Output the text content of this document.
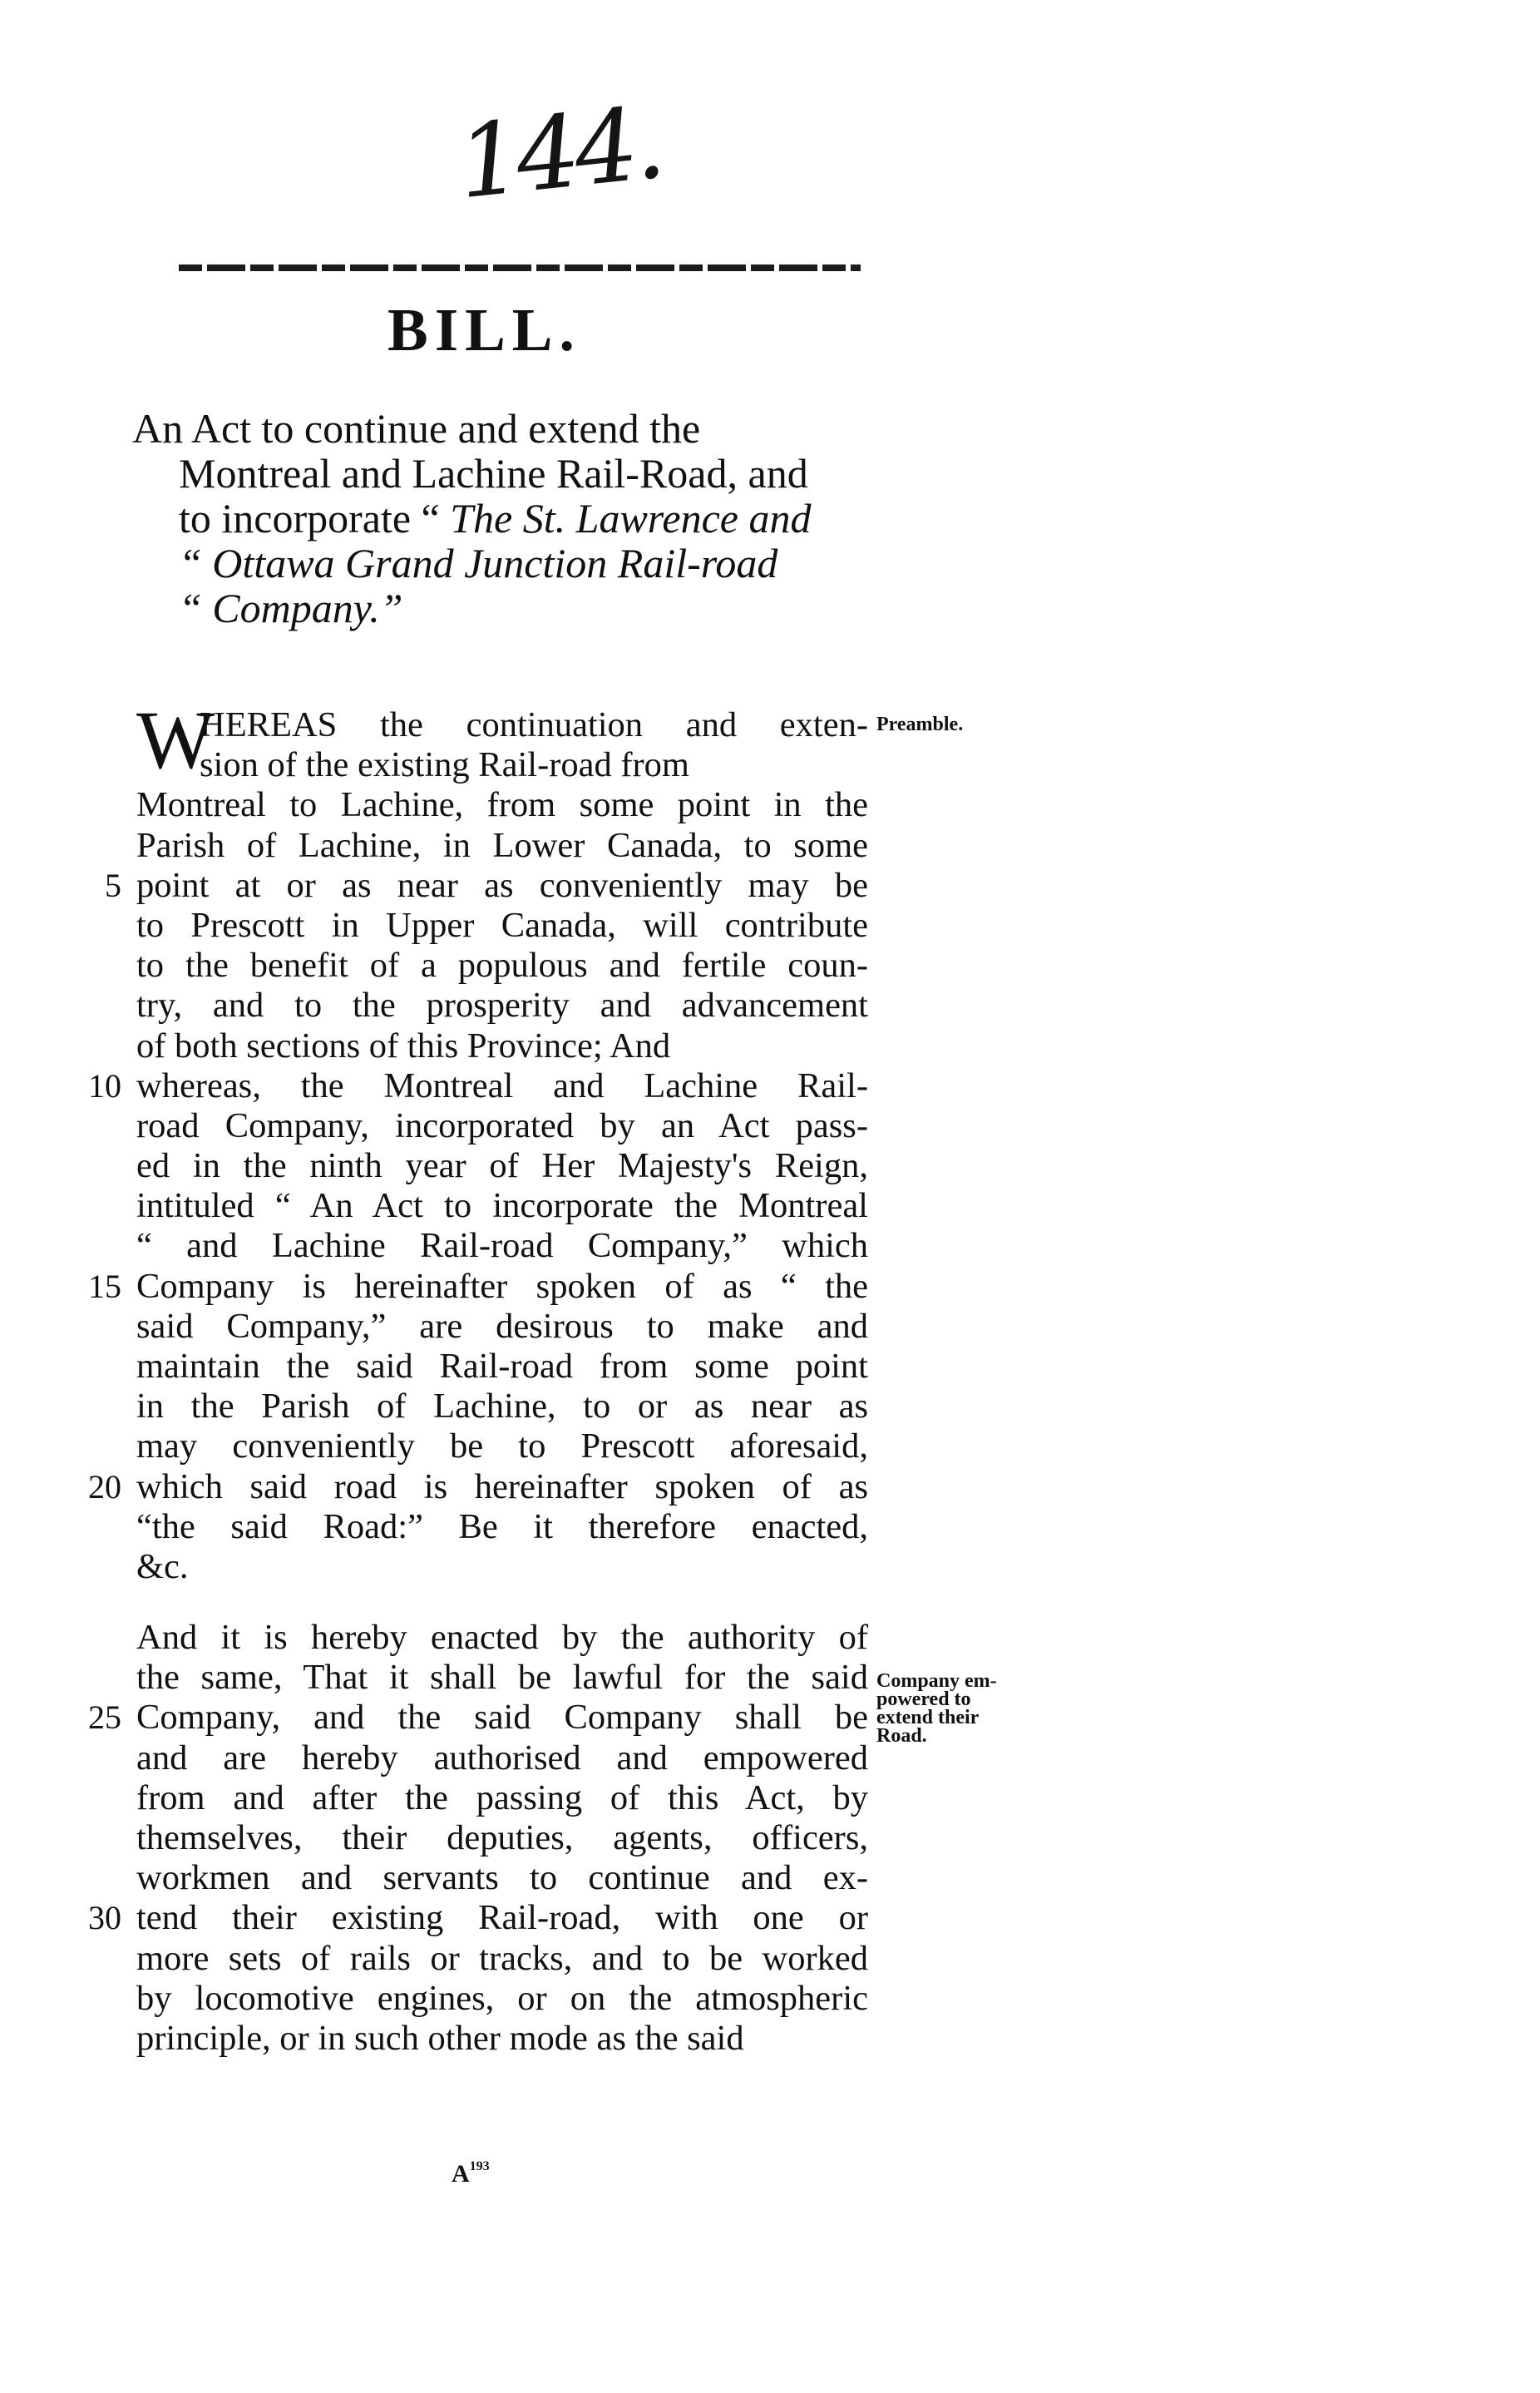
144.
BILL.
An Act to continue and extend the
Montreal and Lachine Rail-Road, and
to incorporate “ The St. Lawrence and
“ Ottawa Grand Junction Rail-road
“ Company.”
W
HEREAS the continuation and exten-
sion of the existing Rail-road from
Montreal to Lachine, from some point in the
Parish of Lachine, in Lower Canada, to some
point at or as near as conveniently may be
5
to Prescott in Upper Canada, will contribute
to the benefit of a populous and fertile coun-
try, and to the prosperity and advancement
of both sections of this Province; And
whereas, the Montreal and Lachine Rail-
10
road Company, incorporated by an Act pass-
ed in the ninth year of Her Majesty's Reign,
intituled “ An Act to incorporate the Montreal
“ and Lachine Rail-road Company,” which
Company is hereinafter spoken of as “ the
15
said Company,” are desirous to make and
maintain the said Rail-road from some point
in the Parish of Lachine, to or as near as
may conveniently be to Prescott aforesaid,
which said road is hereinafter spoken of as
20
“the said Road:” Be it therefore enacted,
&c.
Preamble.
And it is hereby enacted by the authority of
the same, That it shall be lawful for the said
Company, and the said Company shall be
25
and are hereby authorised and empowered
from and after the passing of this Act, by
themselves, their deputies, agents, officers,
workmen and servants to continue and ex-
tend their existing Rail-road, with one or
30
more sets of rails or tracks, and to be worked
by locomotive engines, or on the atmospheric
principle, or in such other mode as the said
Company em-
powered to
extend their
Road.
$A^{193}$
